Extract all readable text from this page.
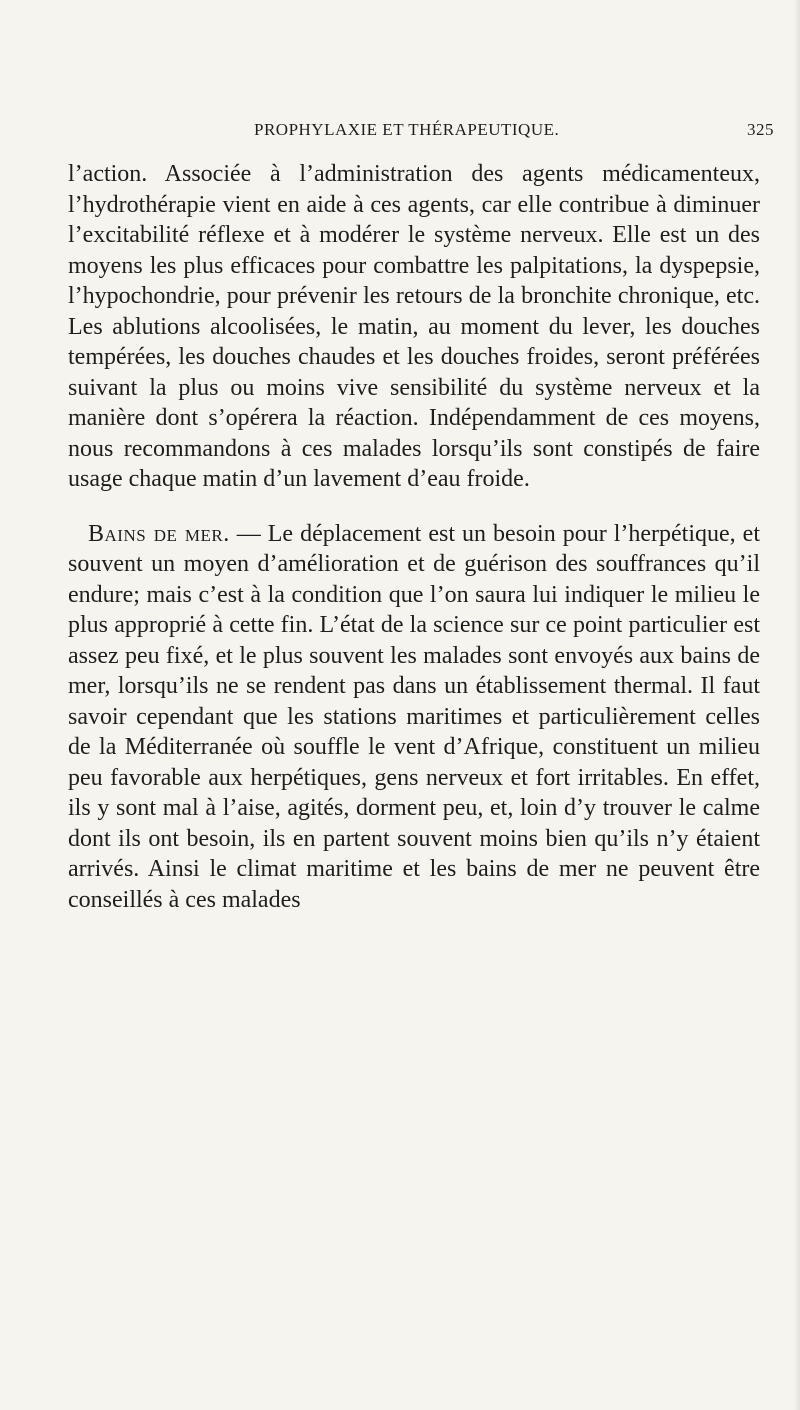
PROPHYLAXIE ET THÉRAPEUTIQUE.	325

l’action. Associée à l’administration des agents médicamenteux, l’hydrothérapie vient en aide à ces agents, car elle contribue à diminuer l’excitabilité réflexe et à modérer le système nerveux. Elle est un des moyens les plus efficaces pour combattre les palpitations, la dyspepsie, l’hypochondrie, pour prévenir les retours de la bronchite chronique, etc. Les ablutions alcoolisées, le matin, au moment du lever, les douches tempérées, les douches chaudes et les douches froides, seront préférées suivant la plus ou moins vive sensibilité du système nerveux et la manière dont s’opérera la réaction. Indépendamment de ces moyens, nous recommandons à ces malades lorsqu’ils sont constipés de faire usage chaque matin d’un lavement d’eau froide.

Bains de mer. — Le déplacement est un besoin pour l’herpétique, et souvent un moyen d’amélioration et de guérison des souffrances qu’il endure; mais c’est à la condition que l’on saura lui indiquer le milieu le plus approprié à cette fin. L’état de la science sur ce point particulier est assez peu fixé, et le plus souvent les malades sont envoyés aux bains de mer, lorsqu’ils ne se rendent pas dans un établissement thermal. Il faut savoir cependant que les stations maritimes et particulièrement celles de la Méditerranée où souffle le vent d’Afrique, constituent un milieu peu favorable aux herpétiques, gens nerveux et fort irritables. En effet, ils y sont mal à l’aise, agités, dorment peu, et, loin d’y trouver le calme dont ils ont besoin, ils en partent souvent moins bien qu’ils n’y étaient arrivés. Ainsi le climat maritime et les bains de mer ne peuvent être conseillés à ces malades
